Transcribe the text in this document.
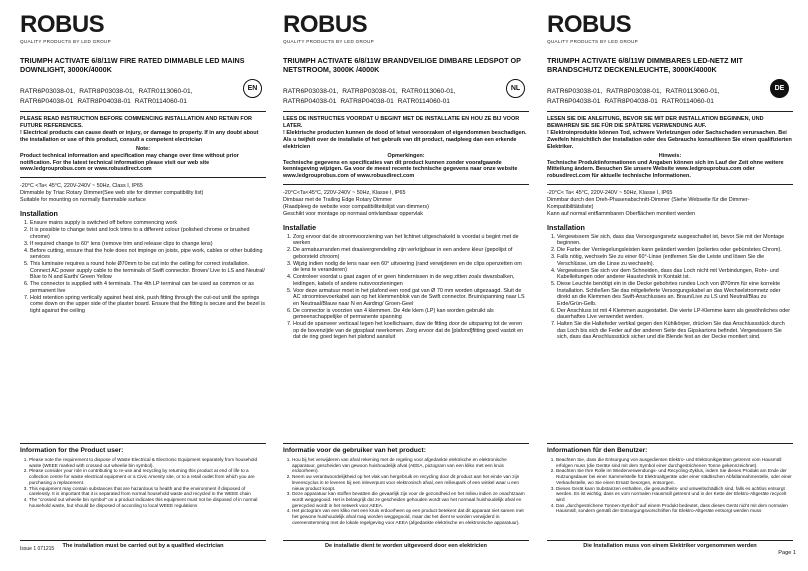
ROBUS
QUALITY PRODUCTS BY LED GROUP
TRIUMPH ACTIVATE 6/8/11W FIRE RATED DIMMABLE LED MAINS DOWNLIGHT, 3000K/4000K
RATR6P03038-01, RATR8P03038-01, RATR0113060-01,
RATR6P04038-01 RATR8P04038-01 RATR0114060-01
EN
PLEASE READ INSTRUCTION BEFORE COMMENCING INSTALLATION AND RETAIN FOR FUTURE REFERENCES.
! Electrical products can cause death or injury, or damage to property. If in any doubt about the installation or use of this product, consult a competent electrician
Note:
Product technical information and specification may change over time without prior notification. For the latest technical information please visit our web site www.ledgrouprobus.com or www.robusdirect.com
-20°C <Ta< 45°C, 220V-240V ~ 50Hz, Class I, IP65
Dimmable by Triac Rotary Dimmer(See web site for dimmer compatibility list)
Suitable for mounting on normally flammable surface
Installation
1. Ensure mains supply is switched off before commencing work
2. It is possible to change twist and lock trims to a different colour (polished chrome or brushed chrome)
3. If required change to 60° lens (remove trim and release clips to change lens)
4. Before cutting, ensure that the hole does not impinge on joists, pipe work, cables or other building services
5. This luminaire requires a round hole Ø70mm to be cut into the ceiling for correct installation. Connect AC power supply cable to the terminals of Swift connector. Brown/ Live to LS and Neutral/ Blue to N and Earth/ Green Yellow
6. The connector is supplied with 4 terminals. The 4th LP terminal can be used as common or as permanent live
7. Hold retention spring vertically against heat sink, push fitting through the cut-out until the springs come down on the upper side of the plaster board. Ensure that the fitting is secure and the bezel is tight against the ceiling
Information for the Product user:
1. Please note the requirement to dispose of Waste Electrical & Electronic Equipment separately from household waste (WEEE marked with crossed out wheelie bin symbol).
2. Please consider your role in contributing to re-use and recycling by returning this product at end of life to a collection centre for waste electrical equipment or a Civic Amenity site, or to a retail outlet from which you are purchasing a replacement.
3. This equipment may contain substances that are hazardous to health and the environment if disposed of carelessly. It is important that it is separated from normal household waste and recycled in the WEEE chain
4. The "crossed out wheelie bin symbol" on a product indicates this equipment must not be disposed of in normal household waste, but should be disposed of according to local WEEE regulations
The installation must be carried out by a qualified electrician
ROBUS
QUALITY PRODUCTS BY LED GROUP
TRIUMPH ACTIVATE 6/8/11W BRANDVEILIGE DIMBARE LEDSPOT OP NETSTROOM, 3000K /4000K
RATR6P03038-01, RATR8P03038-01, RATR0113060-01,
RATR6P04038-01 RATR8P04038-01 RATR0114060-01
NL
LEES DE INSTRUCTIES VOORDAT U BEGINT MET DE INSTALLATIE EN HOU ZE BIJ VOOR LATER.
! Elektrische producten kunnen de dood of letsel veroorzaken of eigendommen beschadigen. Als u twijfelt over de installatie of het gebruik van dit product, raadpleeg dan een erkende elektricien
Opmerkingen:
Technische gegevens en specificaties van dit product kunnen zonder voorafgaande kennisgeving wijzigen. Ga voor de meest recente technische gegevens naar onze website www.ledgrouprobus.com of www.robusdirect.com
-20°C<Ta<45°C, 220V-240V ~ 50Hz, Klasse I, IP65
Dimbaar met de Trailing Edge Rotary Dimmer
(Raadpleeg de website voor compatibiliteitslijst van dimmers)
Geschikt voor montage op normaal ontvlambaar oppervlak
Installatie
1. Zorg ervoor dat de stroomvoorziening van het lichtnet uitgeschakeld is voordat u begint met de werken
2. De armatuurranden met draaivergrendeling zijn verkrijgbaar in een andere kleur (gepolijst of geborsteld chroom)
3. Wijzig indien nodig de lens naar een 60° uitvoering (rand verwijderen en de clips openzetten om de lens te veranderen)
4. Controleer voordat u gaat zagen of er geen hindernissen in de weg zitten zoals dwarsbalken, leidingen, kabels of andere nutsvoorzieningen
5. Voor deze armatuur moet in het plafond een rond gat van Ø 70 mm worden uitgezaagd. Sluit de AC stroomtoevoerkabel aan op het klemmenblok van de Swift connector. Bruin/spanning naar LS en Neutraal/Blauw naar N en Aarding/ Groen-Geel
6. De connector is voorzien van 4 klemmen. De 4de klem (LP) kan worden gebruikt als gemeenschappelijke of permanente spanning
7. Houd de spanveer verticaal tegen het koellichaam, duw de fitting door de uitsparing tot de veren op de bovenzijde van de gipsplaat neerkomen. Zorg ervoor dat de [plafond]fitting goed vastzit en dat de ring goed tegen het plafond aansluit
Informatie voor de gebruiker van het product:
1. Hou bij het verwijderen van afval rekening met de regeling voor afgedankte elektrische en elektronische apparatuur, gescheiden van gewoon huishoudelijk afval (AEEA, pictogram van een kliko met een kruis erdoorheen).
2. Neem uw verantwoordelijkheid op het vlak van hergebruik en recycling door dit product aan het einde van zijn levenscyclus in te leveren bij een inleverpunt voor elektronisch afval, een milieupark of een winkel waar u een nieuw product koopt.
3. Deze apparatuur kan stoffen bevatten die gevaarlijk zijn voor de gezondheid en het milieu indien ze onachtzaam wordt weggegooid. Het is belangrijk dat ze gescheiden gehouden wordt van het normaal huishoudelijk afval en gerecycled wordt in het netwerk voor AEEA.
4. Het pictogram van een kliko met een kruis erdoorheen op een product betekent dat dit apparaat niet samen met het gewone huishoudelijk afval mag worden weggegooid, maar dat het dient te worden verwijderd in overeenstemming met de lokale regelgeving voor AEEA (afgedankte elektrische en elektronische apparatuur).
De installatie dient te worden uitgevoerd door een elektricien
ROBUS
QUALITY PRODUCTS BY LED GROUP
TRIUMPH ACTIVATE 6/8/11W DIMMBARES LED-NETZ MIT BRANDSCHUTZ DECKENLEUCHTE, 3000K/4000K
RATR6P03038-01, RATR8P03038-01, RATR0113060-01,
RATR6P04038-01 RATR8P04038-01 RATR0114060-01
DE
LESEN SIE DIE ANLEITUNG, BEVOR SIE MIT DER INSTALLATION BEGINNEN, UND BEWAHREN SIE SIE FÜR DIE SPÄTERE VERWENDUNG AUF.
! Elektroinprodukte können Tod, schwere Verletzungen oder Sachschaden verursachen. Bei Zweifeln hinsichtlich der Installation oder des Gebrauchs konsultieren Sie einen qualifizierten Elektriker.
Hinweis:
Technische Produktinformationen und Angaben können sich im Lauf der Zeit ohne weitere Mitteilung ändern. Besuchen Sie unsere Website www.ledgrouprobus.com oder robusdirect.com für aktuelle technische Informationen.
-20°C< Ta< 45°C, 220V-240V ~ 50Hz, Klasse I, IP65
Dimmbar durch den Dreh-Phasenabschnitt-Dimmer (Siehe Webseite für die Dimmer-Kompatibilitätsliste)
Kann auf normal entflammbaren Oberflächen montiert werden
Installation
1. Vergewissern Sie sich, dass das Versorgungsnetz ausgeschaltet ist, bevor Sie mit der Montage beginnen.
2. Die Farbe der Verriegelungsleisten kann geändert werden (poliertes oder gebürstetes Chrom).
3. Falls nötig, wechseln Sie zu einer 60°-Linse (entfernen Sie die Leiste und lösen Sie die Verschlüsse, um die Linse zu wechseln).
4. Vergewissern Sie sich vor dem Schneiden, dass das Loch nicht mit Verbindungen, Rohr- und Kabelleitungen oder anderer Haustechnik in Kontakt ist.
5. Diese Leuchte benötigt ein in die Decke gebohrtes rundes Loch von Ø70mm für eine korrekte Installation. Schließen Sie das mitgelieferte Versorgungskabel an das Wechselstromnetz oder direkt an die Klemmen des Swift-Anschlusses an. Braun/Live zu LS und Neutral/Blau zu Erde/Grün-Gelb.
6. Der Anschluss ist mit 4 Klemmen ausgestattet. Die vierte LP-Klemme kann als gewöhnliches oder dauerhaftes Live verwendet werden.
7. Halten Sie die Haltefeder vertikal gegen den Kühlkörper, drücken Sie das Anschlussstück durch das Loch bis sich die Feder auf der anderen Seite des Gipskartons befindet. Vergewissern Sie sich, dass das Anschlussstück sicher und die Blende fest an der Decke montiert sind.
Informationen für den Benutzer:
1. Beachten Sie, dass die Entsorgung von ausgedienten Elektro- und Elektronikgeräten getrennt vom Hausmüll erfolgen muss (die Geräte sind mit dem Symbol einer durchgestrichenen Tonne gekennzeichnet).
2. Beachten Sie Ihre Rolle im Wiederverwendungs- und Recycling-Zyklus, indem Sie dieses Produkt am Ende der Nutzungsdauer bei einer Sammelstelle für Elektroaltgeräte oder einer städtischen Abfallannahmestelle, oder einer Verkaufsstelle, wo Sie einen Ersatz besorgen, entsorgen.
3. Dieses Gerät kann Substanzen enthalten, die gesundheits- und umweltschädlich sind, falls es achtlos entsorgt werden. Es ist wichtig, dass es vom normalen Hausmüll getrennt und in der Kette der Elektro-Altgeräte recycelt wird
4. Das „durchgestrichene Tonnen-Symbol" auf einem Produkt bedeutet, dass dieses Gerät nicht mit dem normalen Hausmüll, sondern gemäß der Entsorgungsvorschriften für Elektro-Altgeräte entsorgt werden muss
Die Installation muss von einem Elektriker vorgenommen werden
Issue 1 071215
Page 1
